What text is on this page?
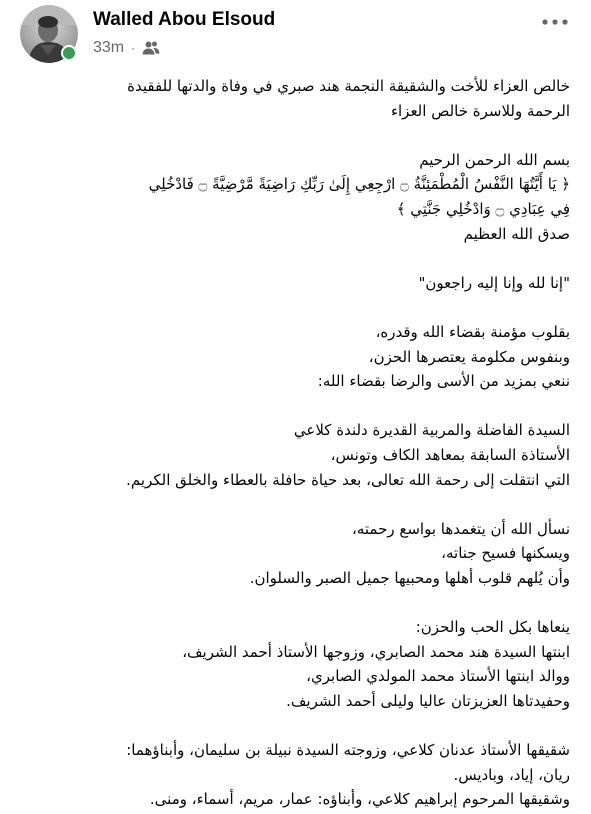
Walled Abou Elsoud
33m ·
خالص العزاء للأخت والشقيقة النجمة هند صبري في وفاة والدتها للفقيدة
الرحمة وللاسرة خالص العزاء
بسم الله الرحمن الرحيم
﴿ يَا أَيَّتُهَا النَّفْسُ الْمُطْمَئِنَّةُ ۝ ارْجِعِي إِلَىٰ رَبِّكِ رَاضِيَةً مَّرْضِيَّةً ۝ فَادْخُلِي
فِي عِبَادِي ۝ وَادْخُلِي جَنَّتِي ﴾
صدق الله العظيم
"إنا لله وإنا إليه راجعون"
بقلوب مؤمنة بقضاء الله وقدره،
وبنفوس مكلومة يعتصرها الحزن،
ننعي بمزيد من الأسى والرضا بقضاء الله:
السيدة الفاضلة والمربية القديرة دلندة كلاعي
الأستاذة السابقة بمعاهد الكاف وتونس،
التي انتقلت إلى رحمة الله تعالى، بعد حياة حافلة بالعطاء والخلق الكريم.
نسأل الله أن يتغمدها بواسع رحمته،
ويسكنها فسيح جناته،
وأن يُلهم قلوب أهلها ومحبيها جميل الصبر والسلوان.
ينعاها بكل الحب والحزن:
ابنتها السيدة هند محمد الصابري، وزوجها الأستاذ أحمد الشريف،
ووالد ابنتها الأستاذ محمد المولدي الصابري،
وحفيدتاها العزيزتان عاليا وليلى أحمد الشريف.
شقيقها الأستاذ عدنان كلاعي، وزوجته السيدة نبيلة بن سليمان، وأبناؤهما:
ريان، إياد، وباديس.
وشقيقها المرحوم إبراهيم كلاعي، وأبناؤه: عمار، مريم، أسماء، ومنى.
